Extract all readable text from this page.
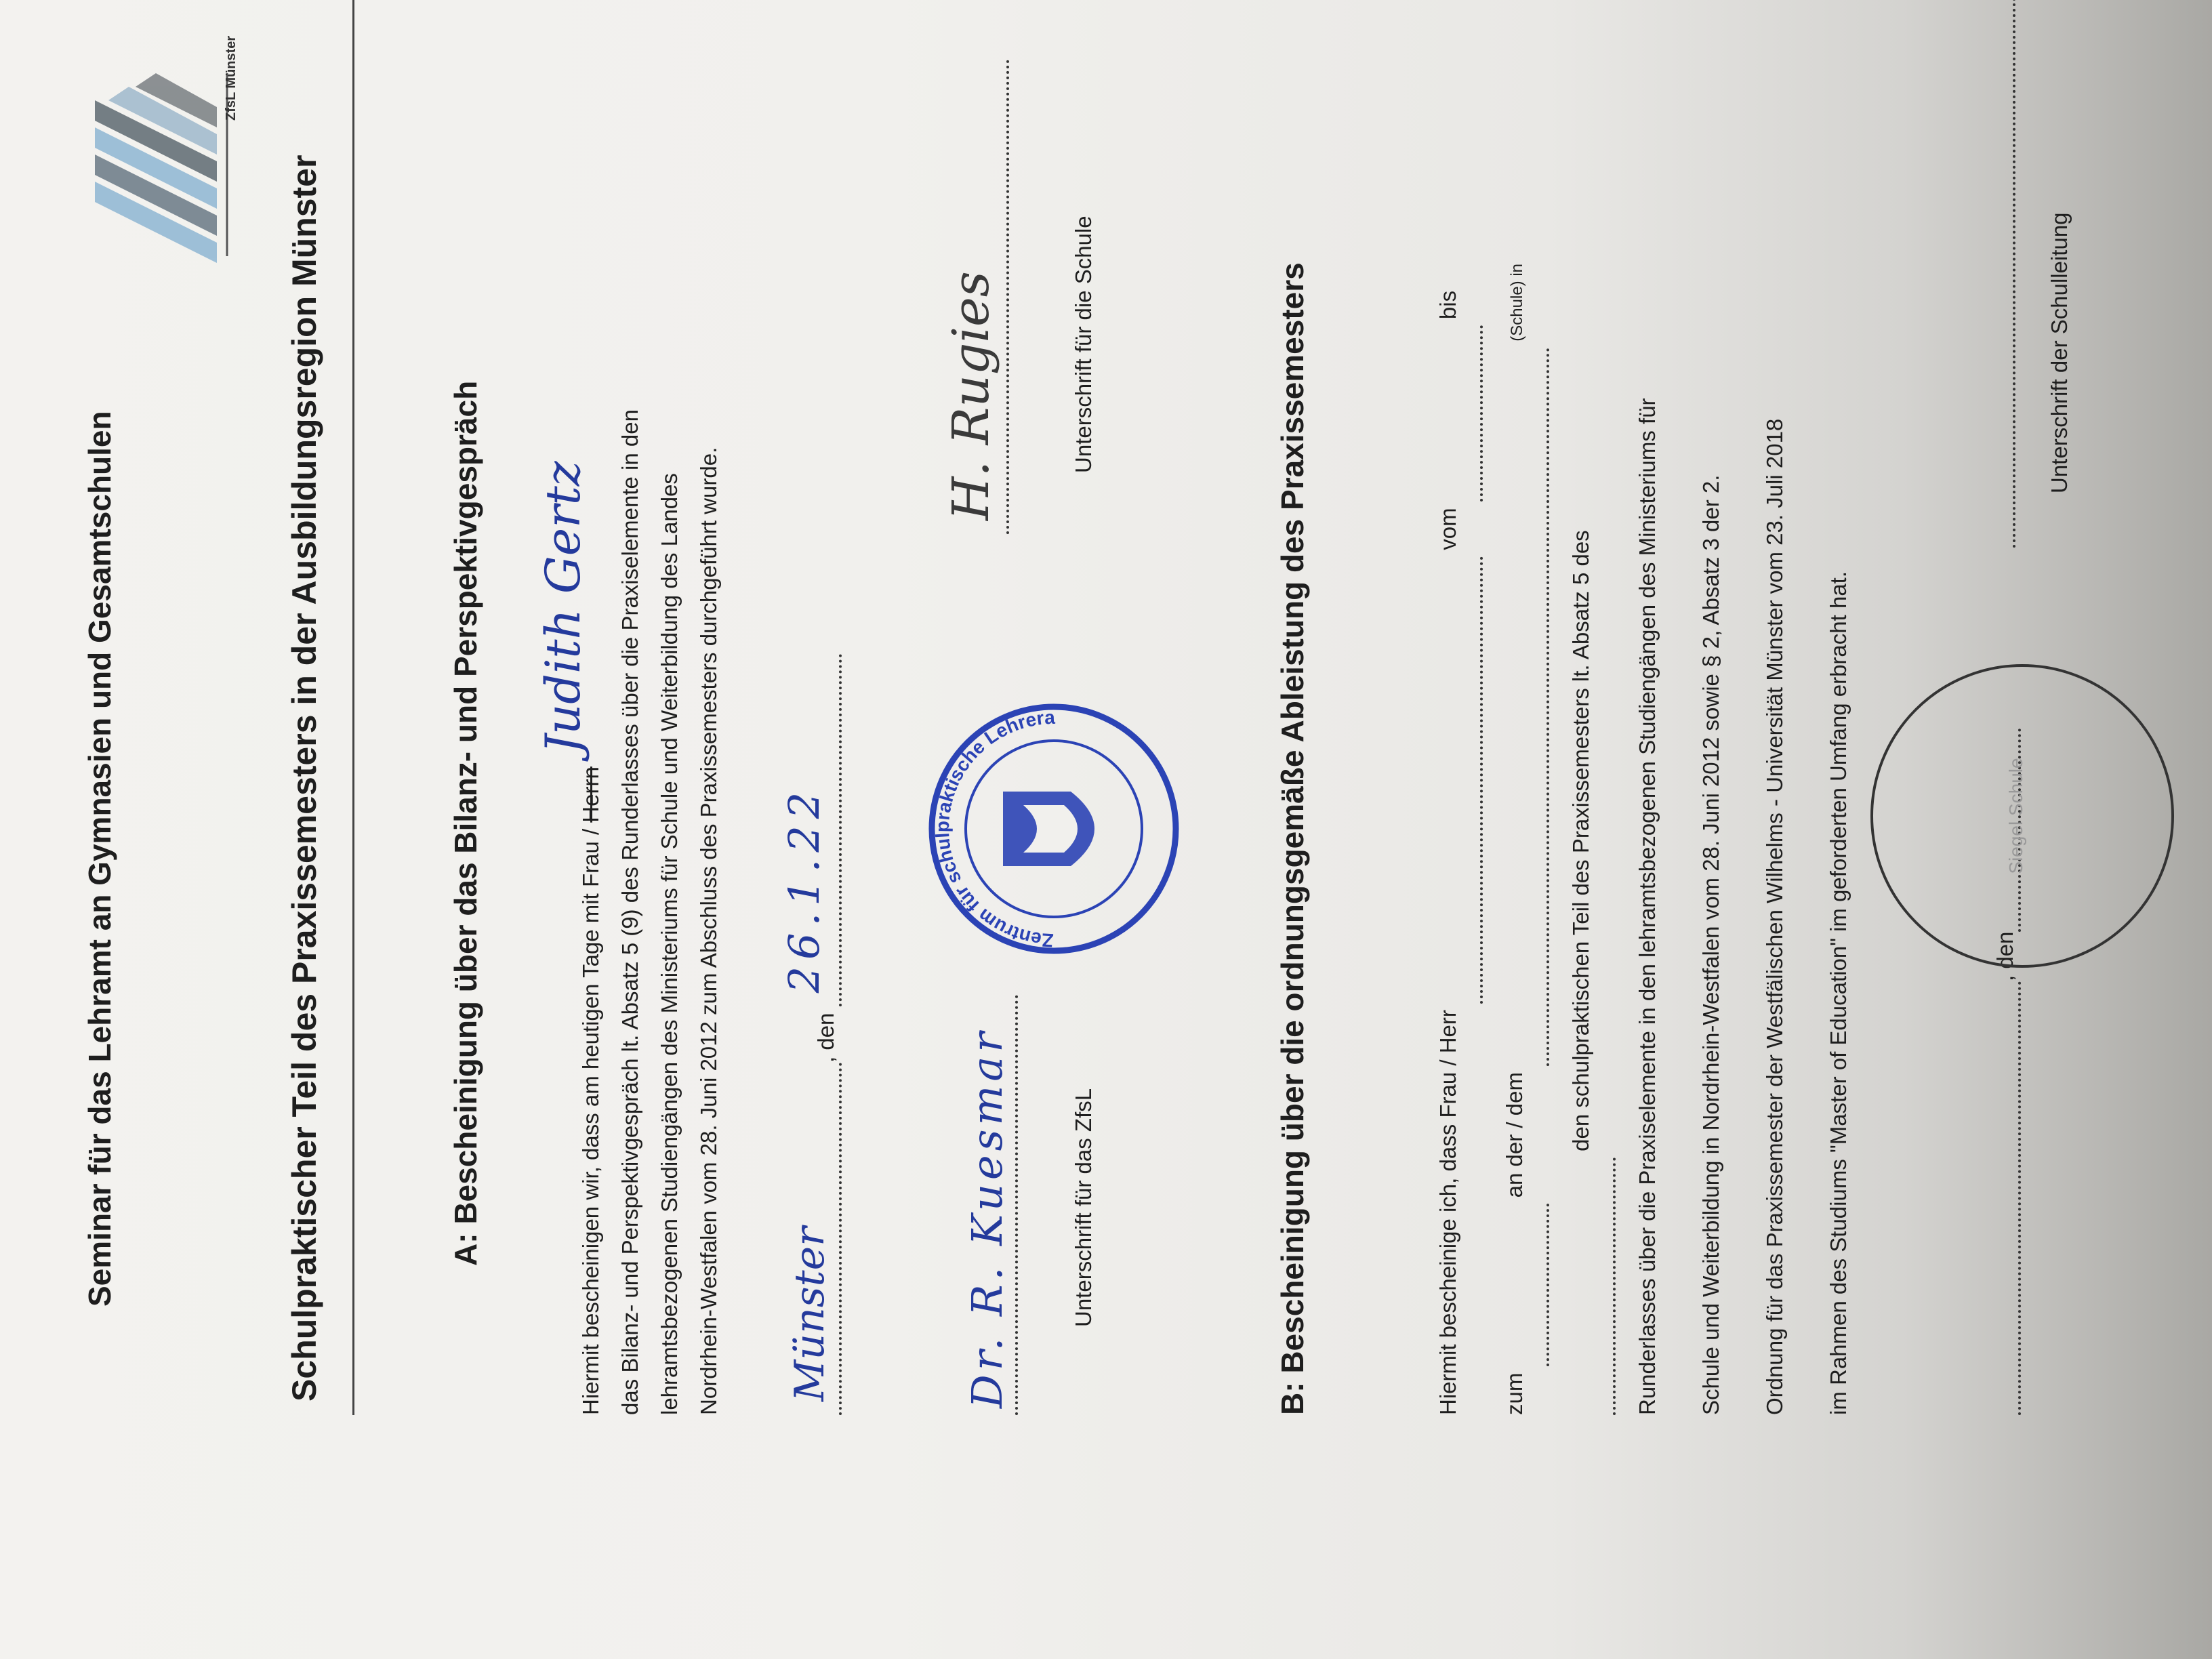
ZfsL Münster
Seminar für das Lehramt an Gymnasien und Gesamtschulen	Schulpraktischer Teil des Praxissemesters in der Ausbildungsregion Münster	A: Bescheinigung über das Bilanz- und Perspektivgespräch	Hiermit bescheinigen wir, dass am heutigen Tage mit Frau / Herrn Judith Gertz	das Bilanz- und Perspektivgespräch lt. Absatz 5 (9) des Runderlasses über die Praxiselemente in den lehramtsbezogenen Studiengängen des Ministeriums für Schule und Weiterbildung des Landes Nordrhein-Westfalen vom 28. Juni 2012 zum Abschluss des Praxissemesters durchgeführt wurde. Münster
, den
26.1.22
	Zentrum für schulpraktische Lehrera
Dr. R. Kuesmar	Unterschrift für das ZfsL
H. Rugies	Unterschrift für die Schule	B: Bescheinigung über die ordnungsgemäße Ableistung des Praxissemesters	Hiermit bescheinige ich, dass Frau / Herr   vom   bis
zum   an der / dem   (Schule) in
den schulpraktischen Teil des Praxissemesters lt. Absatz 5 des	Runderlasses über die Praxiselemente in den lehramtsbezogenen Studiengängen des Ministeriums für	Schule und Weiterbildung in Nordrhein-Westfalen vom 28. Juni 2012 sowie § 2, Absatz 3 der 2.	Ordnung für das Praxissemester der Westfälischen Wilhelms - Universität Münster vom 23. Juli 2018	im Rahmen des Studiums "Master of Education" im geforderten Umfang erbracht hat.	, den
Siegel Schule
Unterschrift der Schulleitung
